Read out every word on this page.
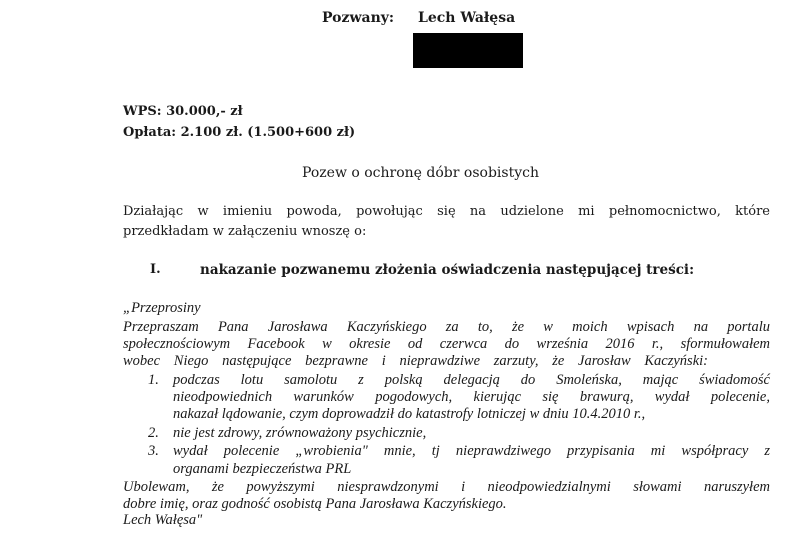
Pozwany: Lech Wałęsa
WPS: 30.000,- zł
Opłata: 2.100 zł. (1.500+600 zł)
Pozew o ochronę dóbr osobistych
Działając w imieniu powoda, powołując się na udzielone mi pełnomocnictwo, które
przedkładam w załączeniu wnoszę o:
I.	nakazanie pozwanemu złożenia oświadczenia następującej treści:
„Przeprosiny
Przepraszam Pana Jarosława Kaczyńskiego za to, że w moich wpisach na portalu
społecznościowym Facebook w okresie od czerwca do września 2016 r., sformułowałem
wobec Niego następujące bezprawne i nieprawdziwe zarzuty, że Jarosław Kaczyński:
1. podczas lotu samolotu z polską delegacją do Smoleńska, mając świadomość
nieodpowiednich warunków pogodowych, kierując się brawurą, wydał polecenie,
nakazał lądowanie, czym doprowadził do katastrofy lotniczej w dniu 10.4.2010 r.,
2. nie jest zdrowy, zrównoważony psychicznie,
3. wydał polecenie „wrobienia" mnie, tj nieprawdziwego przypisania mi współpracy z
organami bezpieczeństwa PRL
Ubolewam, że powyższymi niesprawdzonymi i nieodpowiedzialnymi słowami naruszyłem
dobre imię, oraz godność osobistą Pana Jarosława Kaczyńskiego.
Lech Wałęsa"
